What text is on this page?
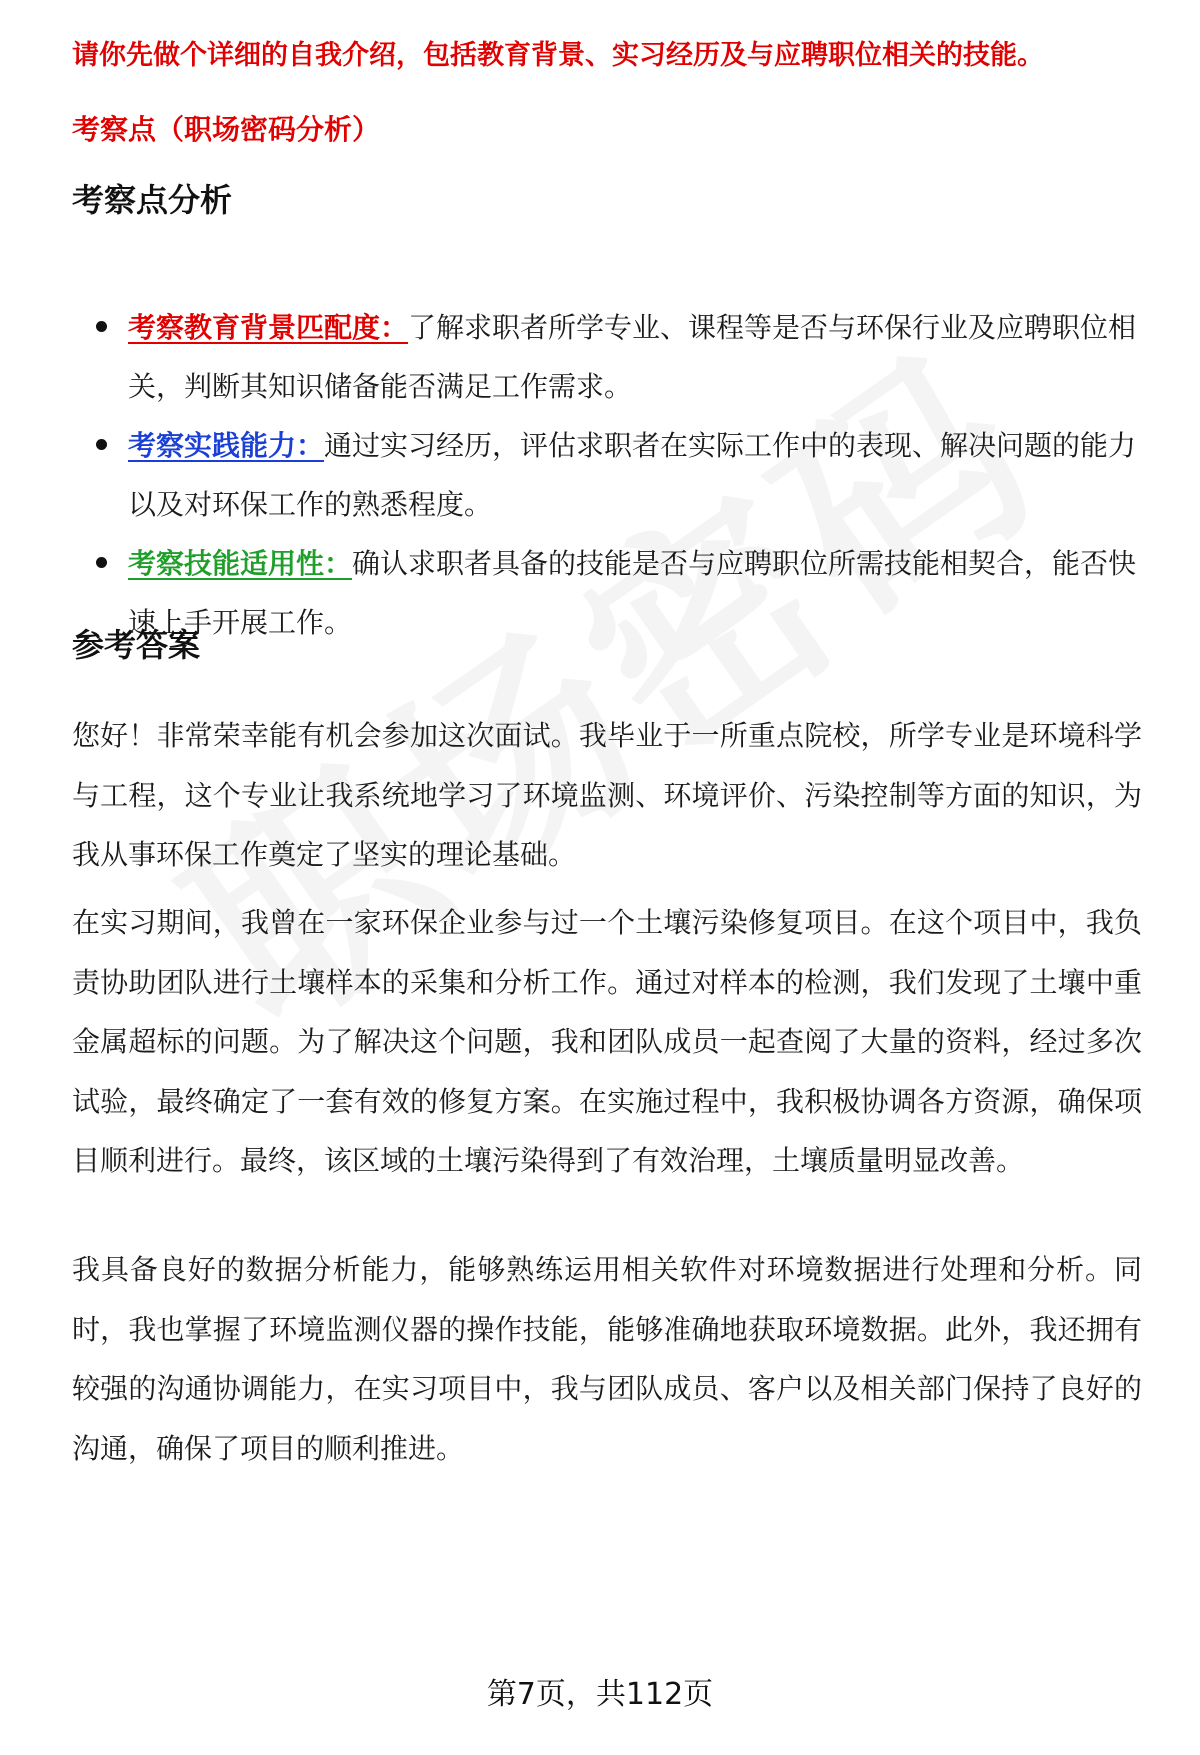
请你先做个详细的自我介绍，包括教育背景、实习经历及与应聘职位相关的技能。
考察点（职场密码分析）
考察点分析
考察教育背景匹配度：了解求职者所学专业、课程等是否与环保行业及应聘职位相关，判断其知识储备能否满足工作需求。
考察实践能力：通过实习经历，评估求职者在实际工作中的表现、解决问题的能力以及对环保工作的熟悉程度。
考察技能适用性：确认求职者具备的技能是否与应聘职位所需技能相契合，能否快速上手开展工作。
参考答案

您好！非常荣幸能有机会参加这次面试。我毕业于一所重点院校，所学专业是环境科学与工程，这个专业让我系统地学习了环境监测、环境评价、污染控制等方面的知识，为我从事环保工作奠定了坚实的理论基础。

在实习期间，我曾在一家环保企业参与过一个土壤污染修复项目。在这个项目中，我负责协助团队进行土壤样本的采集和分析工作。通过对样本的检测，我们发现了土壤中重金属超标的问题。为了解决这个问题，我和团队成员一起查阅了大量的资料，经过多次试验，最终确定了一套有效的修复方案。在实施过程中，我积极协调各方资源，确保项目顺利进行。最终，该区域的土壤污染得到了有效治理，土壤质量明显改善。

我具备良好的数据分析能力，能够熟练运用相关软件对环境数据进行处理和分析。同时，我也掌握了环境监测仪器的操作技能，能够准确地获取环境数据。此外，我还拥有较强的沟通协调能力，在实习项目中，我与团队成员、客户以及相关部门保持了良好的沟通，确保了项目的顺利推进。

第7页，共112页
